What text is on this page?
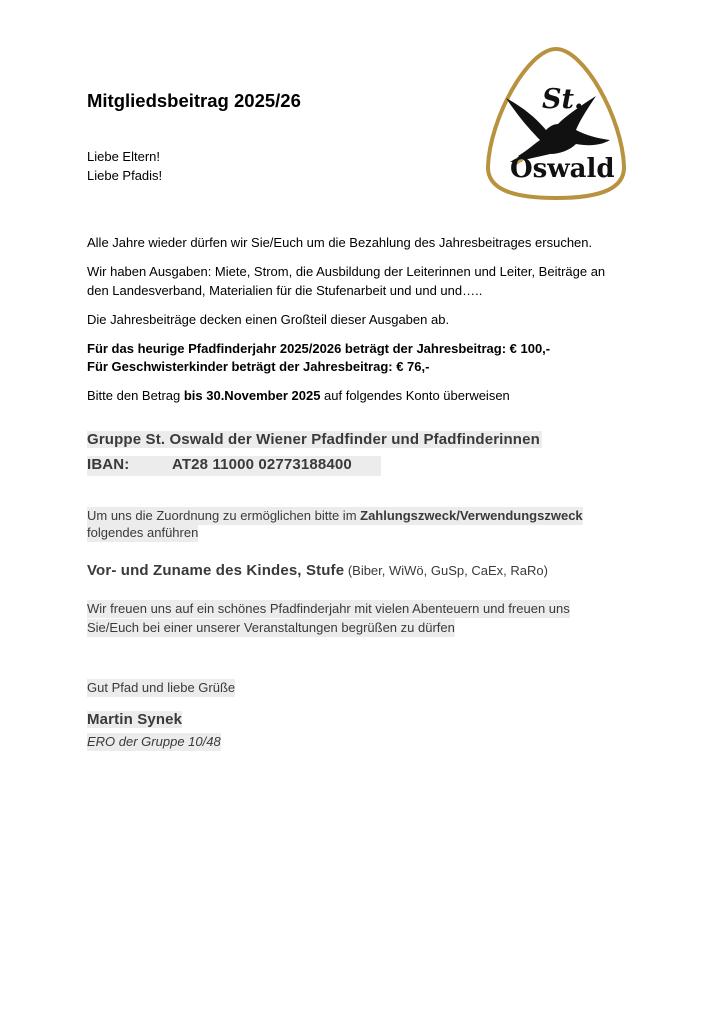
Mitgliedsbeitrag 2025/26	St.
Oswald
Liebe Eltern!
Liebe Pfadis!
Alle Jahre wieder dürfen wir Sie/Euch um die Bezahlung des Jahresbeitrages ersuchen.
Wir haben Ausgaben: Miete, Strom, die Ausbildung der Leiterinnen und Leiter, Beiträge an
den Landesverband, Materialien für die Stufenarbeit und und und…..
Die Jahresbeiträge decken einen Großteil dieser Ausgaben ab.
Für das heurige Pfadfinderjahr 2025/2026 beträgt der Jahresbeitrag: € 100,-
Für Geschwisterkinder beträgt der Jahresbeitrag: € 76,-
Bitte den Betrag bis 30.November 2025 auf folgendes Konto überweisen
Gruppe St. Oswald der Wiener Pfadfinder und Pfadfinderinnen
IBAN:	AT28 11000 02773188400
Um uns die Zuordnung zu ermöglichen bitte im Zahlungszweck/Verwendungszweck
folgendes anführen
Vor- und Zuname des Kindes, Stufe (Biber, WiWö, GuSp, CaEx, RaRo)
Wir freuen uns auf ein schönes Pfadfinderjahr mit vielen Abenteuern und freuen uns
Sie/Euch bei einer unserer Veranstaltungen begrüßen zu dürfen
Gut Pfad und liebe Grüße
Martin Synek
ERO der Gruppe 10/48
